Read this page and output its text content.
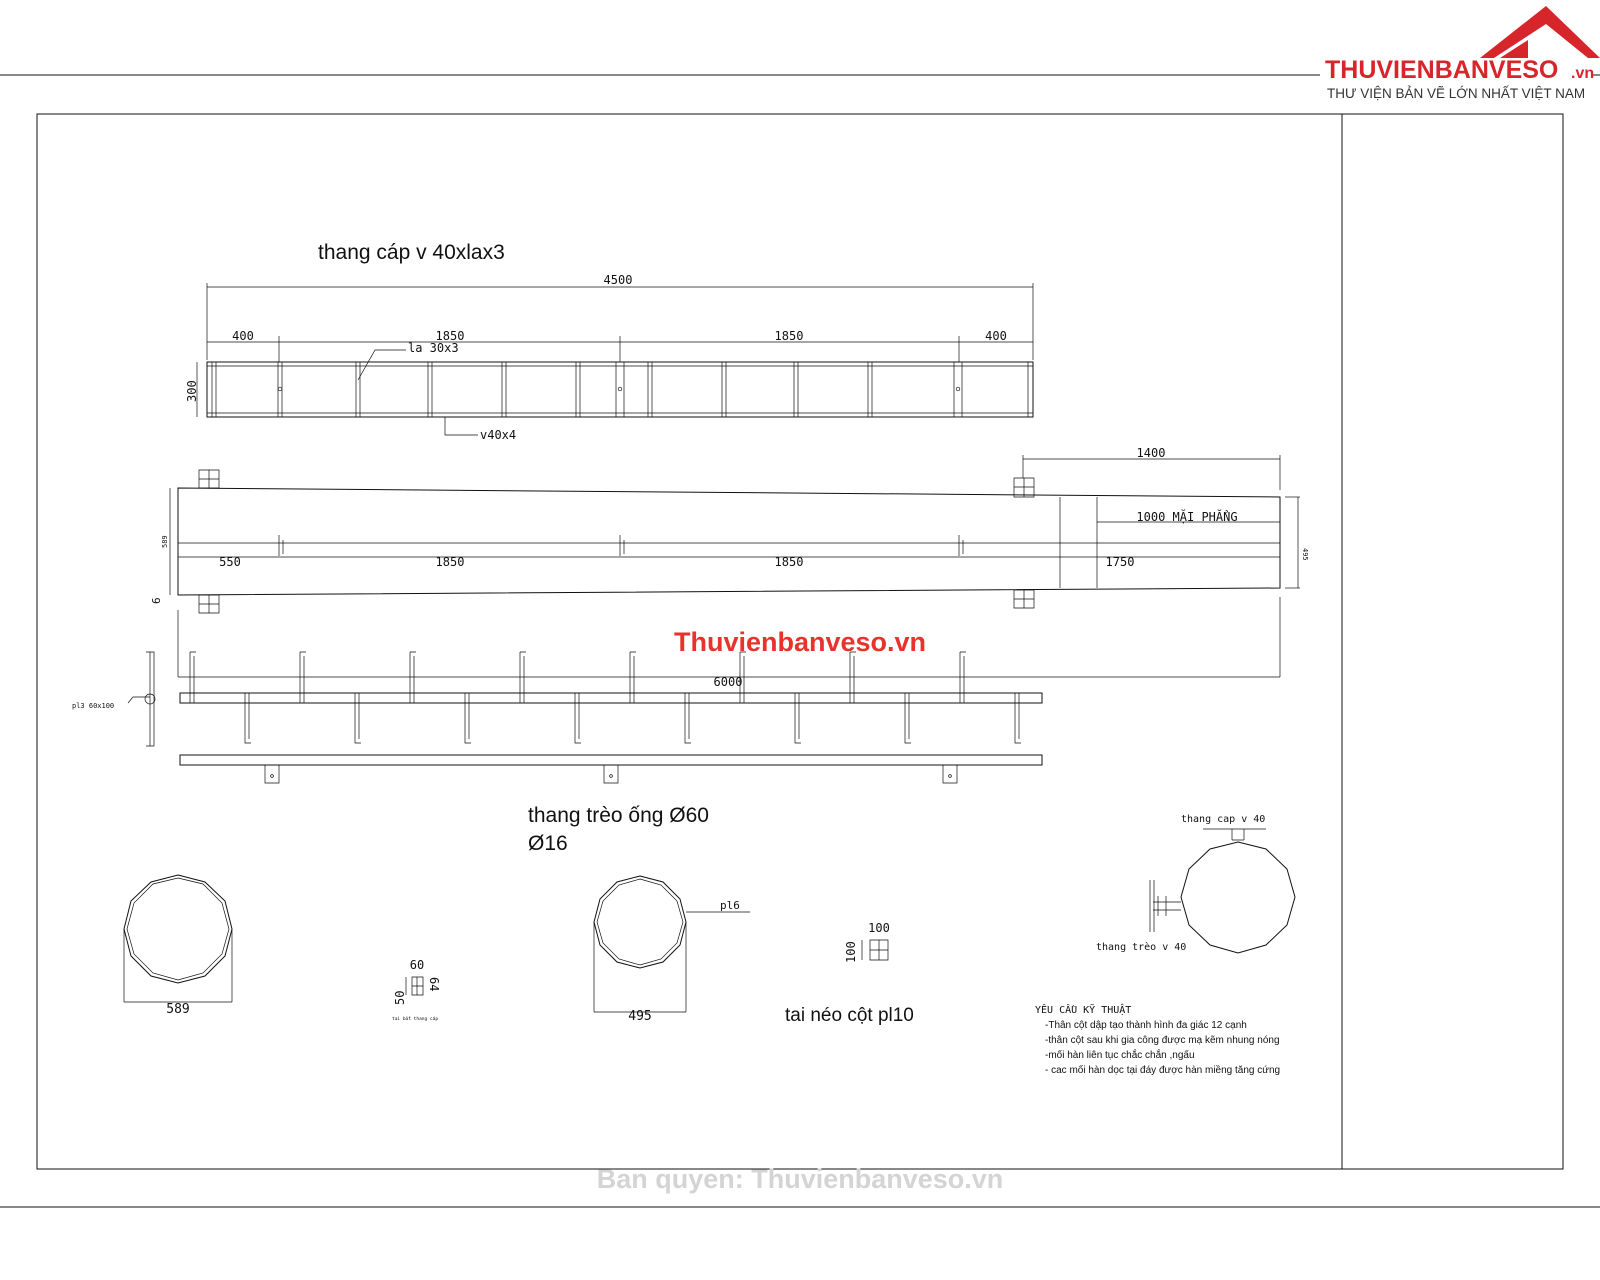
THUVIENBANVESO .vn
THƯ VIỆN BẢN VẼ LỚN NHẤT VIỆT NAM
thang cáp v 40xlax3
4500
400	1850	1850	400
300
la 30x3
v40x4
1400
1000 MẶI PHẲNG
550	1850	1850	1750
589
495
6
6000
pl3 60x100
thang trèo ống Ø60
Ø16
589
pl6
495
60
50
64
tai bắt thang cáp
100
100
tai néo cột pl10
thang cap v 40
thang trèo v 40
YÊU CẦU KỸ THUẬT
-Thân cột dập tạo thành hình đa giác 12 cạnh
-thân cột sau khi gia công được mạ kẽm nhung nóng
-mối hàn liên tục chắc chắn ,ngấu
- cac mối hàn dọc tại đáy được hàn miềng tăng cứng
Thuvienbanveso.vn
Ban quyen: Thuvienbanveso.vn
